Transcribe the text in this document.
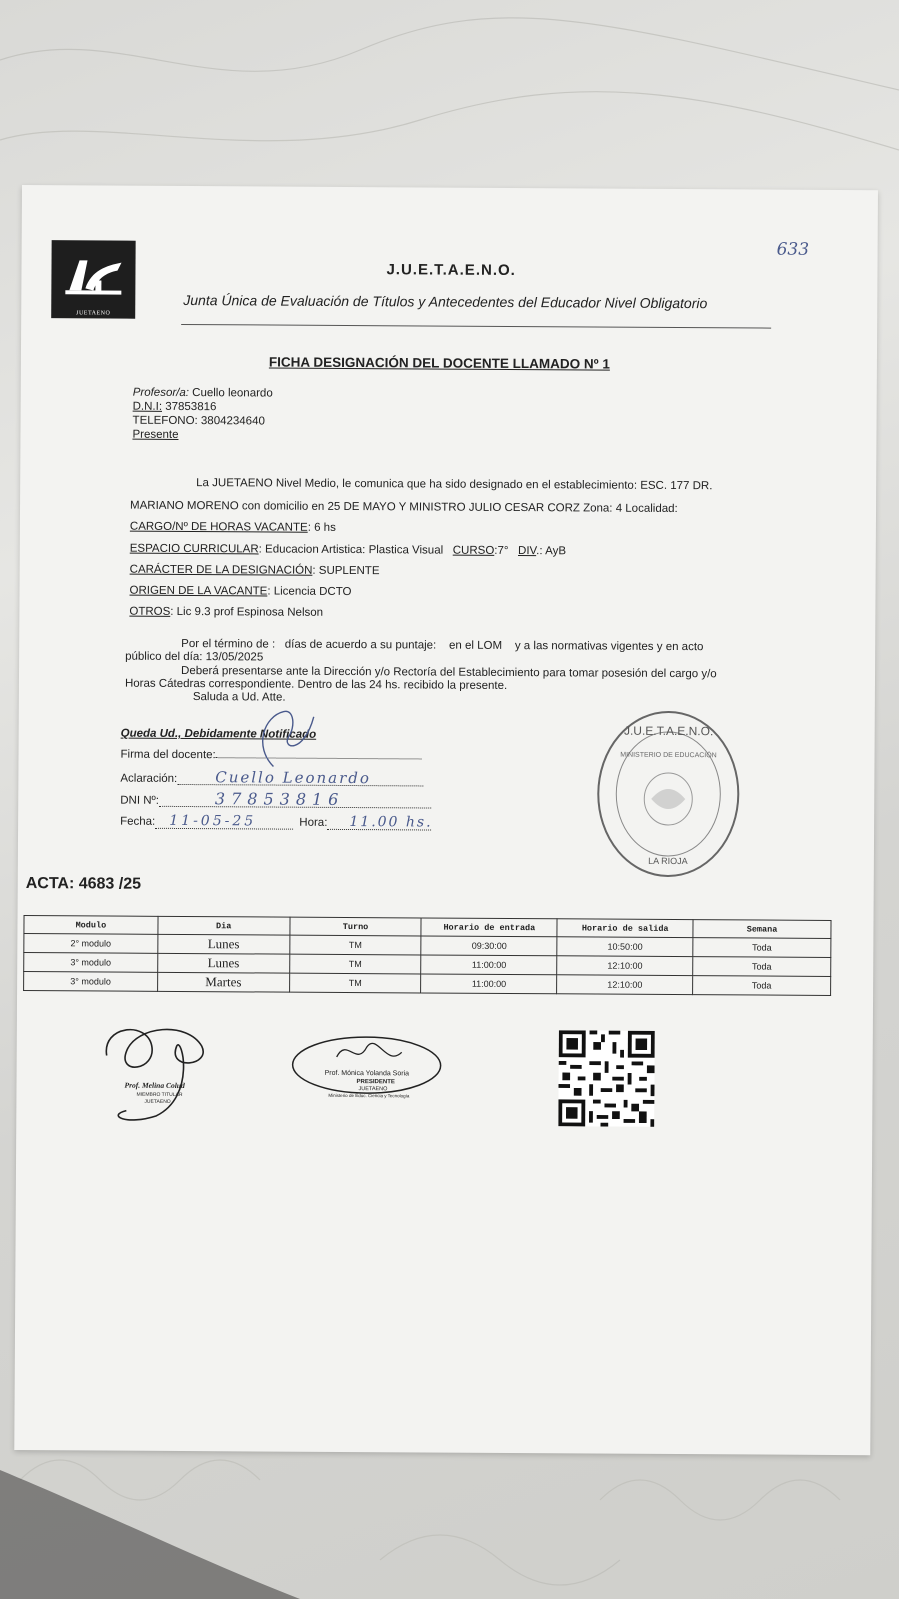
JUETAENO
J.U.E.T.A.E.N.O.
Junta Única de Evaluación de Títulos y Antecedentes del Educador Nivel Obligatorio
633
FICHA DESIGNACIÓN DEL DOCENTE LLAMADO Nº 1
Profesor/a: Cuello leonardo
D.N.I: 37853816
TELEFONO: 3804234640
Presente
La JUETAENO Nivel Medio, le comunica que ha sido designado en el establecimiento: ESC. 177 DR.
MARIANO MORENO con domicilio en 25 DE MAYO Y MINISTRO JULIO CESAR CORZ Zona: 4 Localidad:
CARGO/Nº DE HORAS VACANTE: 6 hs
ESPACIO CURRICULAR: Educacion Artistica: Plastica Visual   CURSO:7°   DIV.: AyB
CARÁCTER DE LA DESIGNACIÓN: SUPLENTE
ORIGEN DE LA VACANTE: Licencia DCTO
OTROS: Lic 9.3 prof Espinosa Nelson
Por el término de :   días de acuerdo a su puntaje:    en el LOM    y a las normativas vigentes y en acto
público del día: 13/05/2025
Deberá presentarse ante la Dirección y/o Rectoría del Establecimiento para tomar posesión del cargo y/o
Horas Cátedras correspondiente. Dentro de las 24 hs. recibido la presente.
Saluda a Ud. Atte.
Queda Ud., Debidamente Notificado
Firma del docente:
Aclaración:	Cuello Leonardo
DNI Nº:	37853816
Fecha: 11-05-25	Hora: 11.00 hs.
J.U.E.T.A.E.N.O.
MINISTERIO DE EDUCACIÓN
LA RIOJA
ACTA: 4683 /25
Modulo	Dia	Turno	Horario de entrada	Horario de salida	Semana
2° modulo	Lunes	TM	09:30:00	10:50:00	Toda
3° modulo	Lunes	TM	11:00:00	12:10:00	Toda
3° modulo	Martes	TM	11:00:00	12:10:00	Toda
Prof. Melina Colud
MIEMBRO TITULAR
JUETAENO
Prof. Mónica Yolanda Soria
PRESIDENTE
JUETAENO
Ministerio de Educ. Ciencia y Tecnología
